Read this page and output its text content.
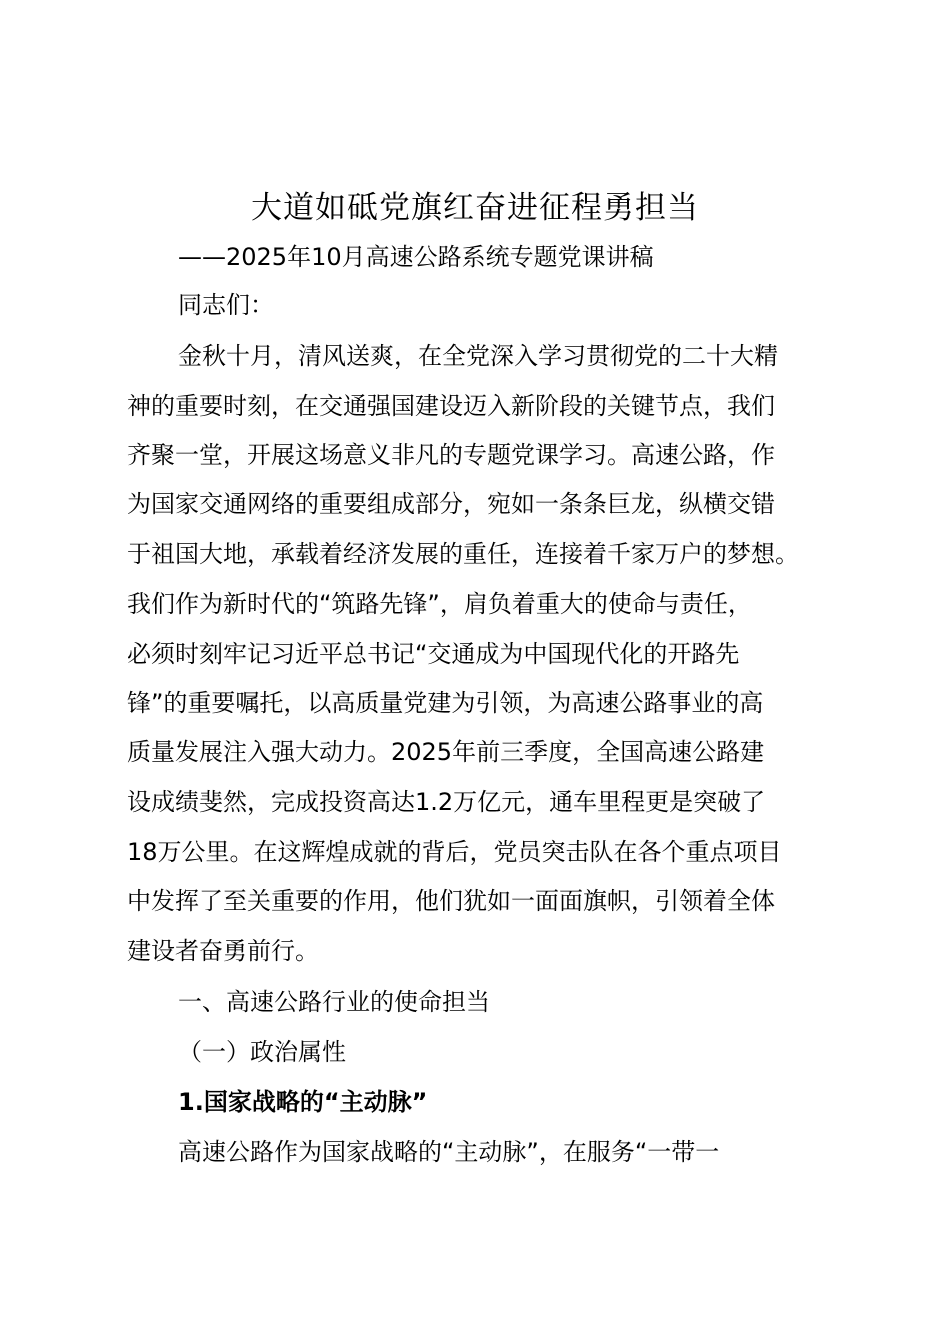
大道如砥党旗红奋进征程勇担当
——2025年10月高速公路系统专题党课讲稿
同志们：
金秋十月，清风送爽，在全党深入学习贯彻党的二十大精
神的重要时刻，在交通强国建设迈入新阶段的关键节点，我们
齐聚一堂，开展这场意义非凡的专题党课学习。高速公路，作
为国家交通网络的重要组成部分，宛如一条条巨龙，纵横交错
于祖国大地，承载着经济发展的重任，连接着千家万户的梦想。
我们作为新时代的“筑路先锋”，肩负着重大的使命与责任，
必须时刻牢记习近平总书记“交通成为中国现代化的开路先
锋”的重要嘱托，以高质量党建为引领，为高速公路事业的高
质量发展注入强大动力。2025年前三季度，全国高速公路建
设成绩斐然，完成投资高达1.2万亿元，通车里程更是突破了
18万公里。在这辉煌成就的背后，党员突击队在各个重点项目
中发挥了至关重要的作用，他们犹如一面面旗帜，引领着全体
建设者奋勇前行。
一、高速公路行业的使命担当
（一）政治属性
1.国家战略的“主动脉”
高速公路作为国家战略的“主动脉”，在服务“一带一
